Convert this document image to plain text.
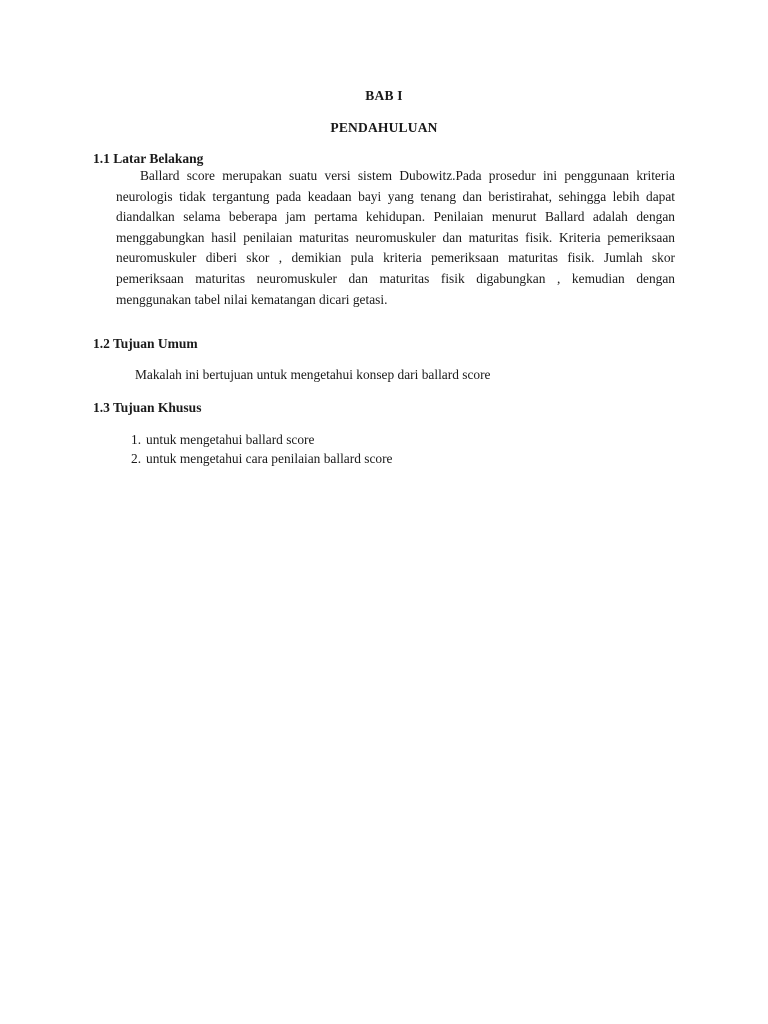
BAB I
PENDAHULUAN
1.1 Latar Belakang

Ballard score merupakan suatu versi sistem Dubowitz.Pada prosedur ini penggunaan kriteria neurologis tidak tergantung pada keadaan bayi yang tenang dan beristirahat, sehingga lebih dapat diandalkan selama beberapa jam pertama kehidupan. Penilaian menurut Ballard adalah dengan menggabungkan hasil penilaian maturitas neuromuskuler dan maturitas fisik. Kriteria pemeriksaan neuromuskuler diberi skor , demikian pula kriteria pemeriksaan maturitas fisik. Jumlah skor pemeriksaan maturitas neuromuskuler dan maturitas fisik digabungkan , kemudian dengan menggunakan tabel nilai kematangan dicari getasi.

1.2 Tujuan Umum
Makalah ini bertujuan untuk mengetahui konsep dari ballard score
1.3 Tujuan Khusus
1. untuk mengetahui ballard score
2. untuk mengetahui cara penilaian ballard score
